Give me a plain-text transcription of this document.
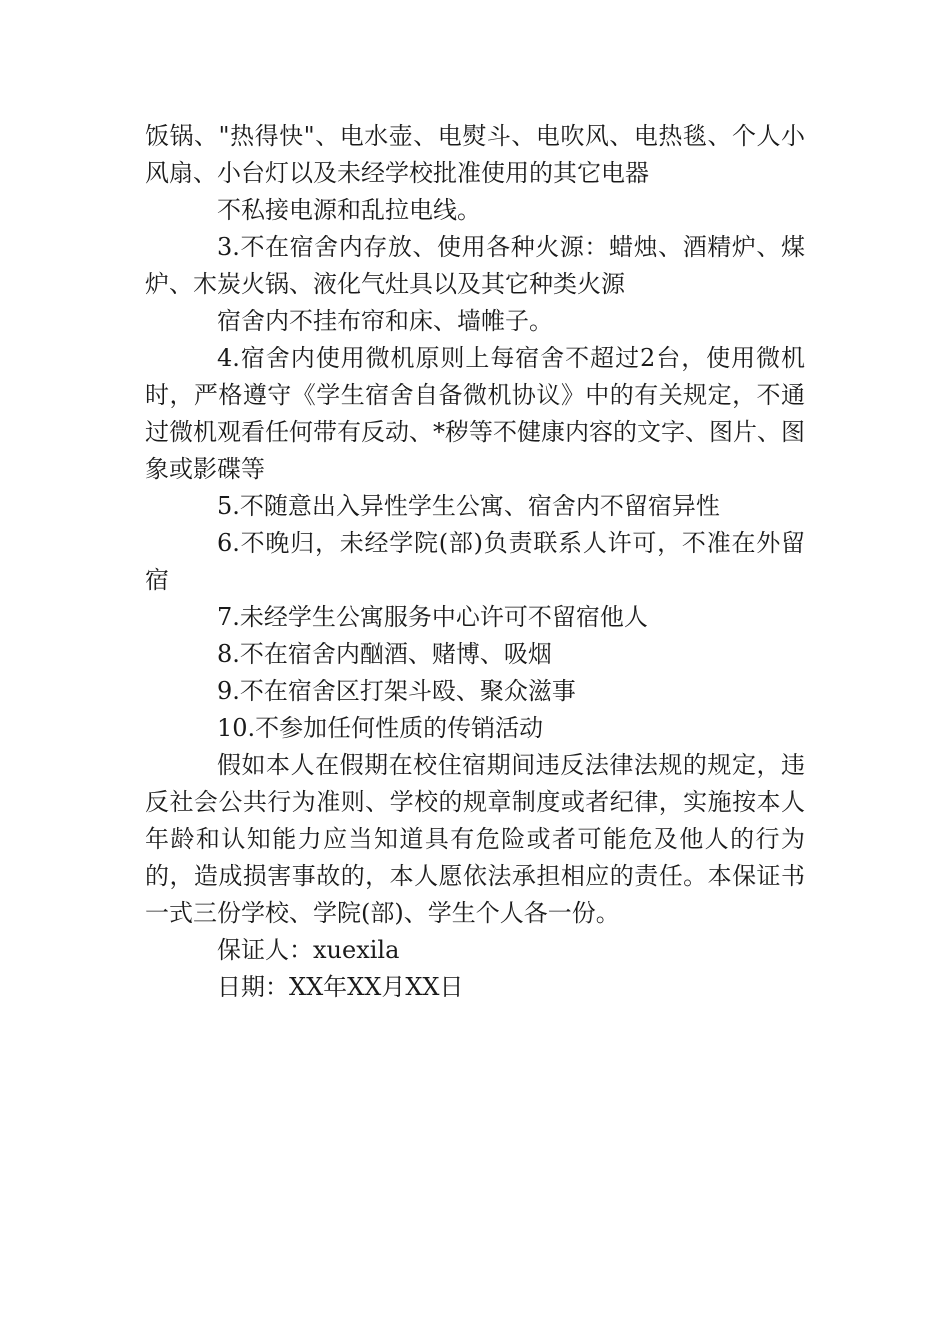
饭锅、"热得快"、电水壶、电熨斗、电吹风、电热毯、个人小风扇、小台灯以及未经学校批准使用的其它电器

不私接电源和乱拉电线。

3.不在宿舍内存放、使用各种火源：蜡烛、酒精炉、煤炉、木炭火锅、液化气灶具以及其它种类火源

宿舍内不挂布帘和床、墙帷子。

4.宿舍内使用微机原则上每宿舍不超过2台，使用微机时，严格遵守《学生宿舍自备微机协议》中的有关规定，不通过微机观看任何带有反动、*秽等不健康内容的文字、图片、图象或影碟等

5.不随意出入异性学生公寓、宿舍内不留宿异性

6.不晚归，未经学院(部)负责联系人许可，不准在外留宿

7.未经学生公寓服务中心许可不留宿他人

8.不在宿舍内酗酒、赌博、吸烟

9.不在宿舍区打架斗殴、聚众滋事

10.不参加任何性质的传销活动

假如本人在假期在校住宿期间违反法律法规的规定，违反社会公共行为准则、学校的规章制度或者纪律，实施按本人年龄和认知能力应当知道具有危险或者可能危及他人的行为的，造成损害事故的，本人愿依法承担相应的责任。本保证书一式三份学校、学院(部)、学生个人各一份。

保证人：xuexila

日期：XX年XX月XX日
